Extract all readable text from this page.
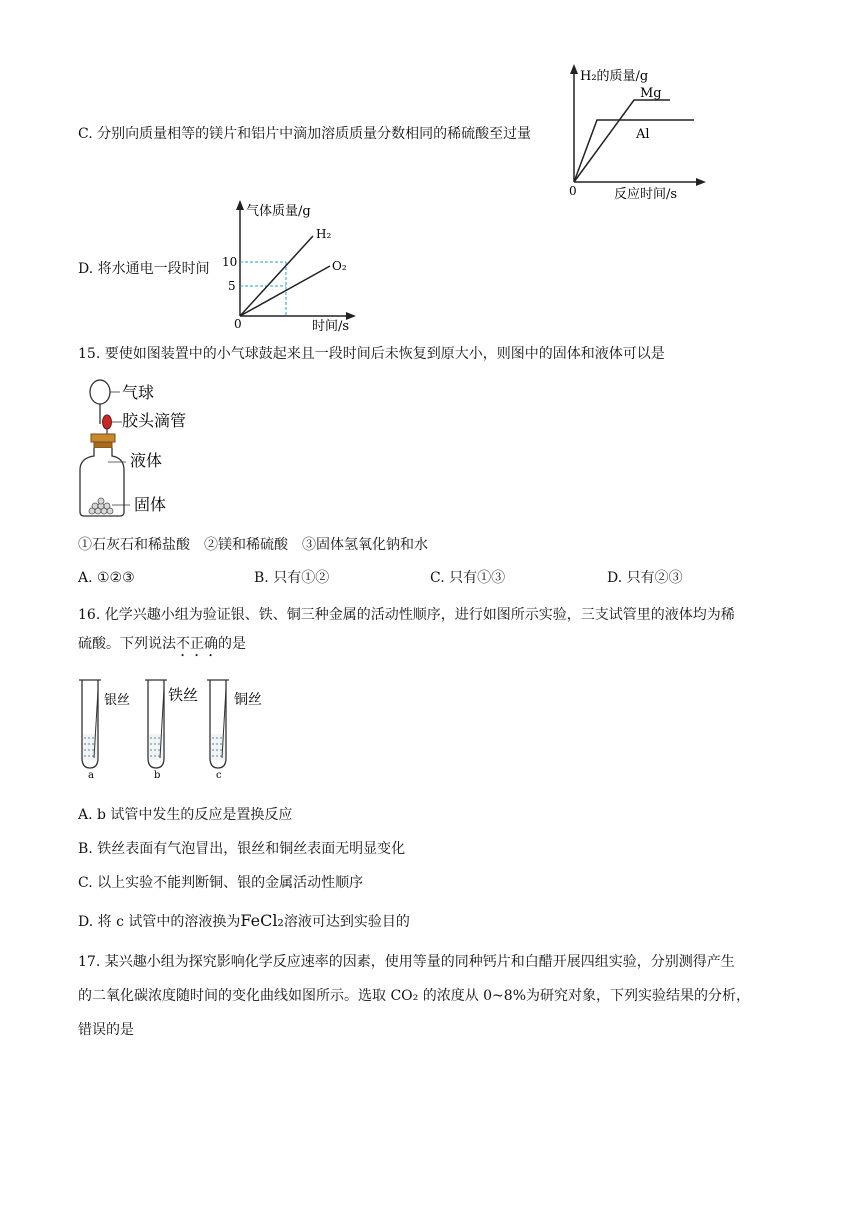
C. 分别向质量相等的镁片和铝片中滴加溶质质量分数相同的稀硫酸至过量
H₂的质量/g
Mg
Al
0	反应时间/s
D. 将水通电一段时间
气体质量/g
H₂
O₂
10
5
0	时间/s
15. 要使如图装置中的小气球鼓起来且一段时间后未恢复到原大小，则图中的固体和液体可以是
气球
胶头滴管
液体
固体
①石灰石和稀盐酸　②镁和稀硫酸　③固体氢氧化钠和水
A. ①②③	B. 只有①②	C. 只有①③	D. 只有②③
16. 化学兴趣小组为验证银、铁、铜三种金属的活动性顺序，进行如图所示实验，三支试管里的液体均为稀
硫酸。下列说法不正确的是
银丝	铁丝	铜丝
a	b	c
A. b 试管中发生的反应是置换反应
B. 铁丝表面有气泡冒出，银丝和铜丝表面无明显变化
C. 以上实验不能判断铜、银的金属活动性顺序
D. 将 c 试管中的溶液换为FeCl₂溶液可达到实验目的
17. 某兴趣小组为探究影响化学反应速率的因素，使用等量的同种钙片和白醋开展四组实验，分别测得产生
的二氧化碳浓度随时间的变化曲线如图所示。选取 CO₂ 的浓度从 0~8%为研究对象，下列实验结果的分析，
错误的是
